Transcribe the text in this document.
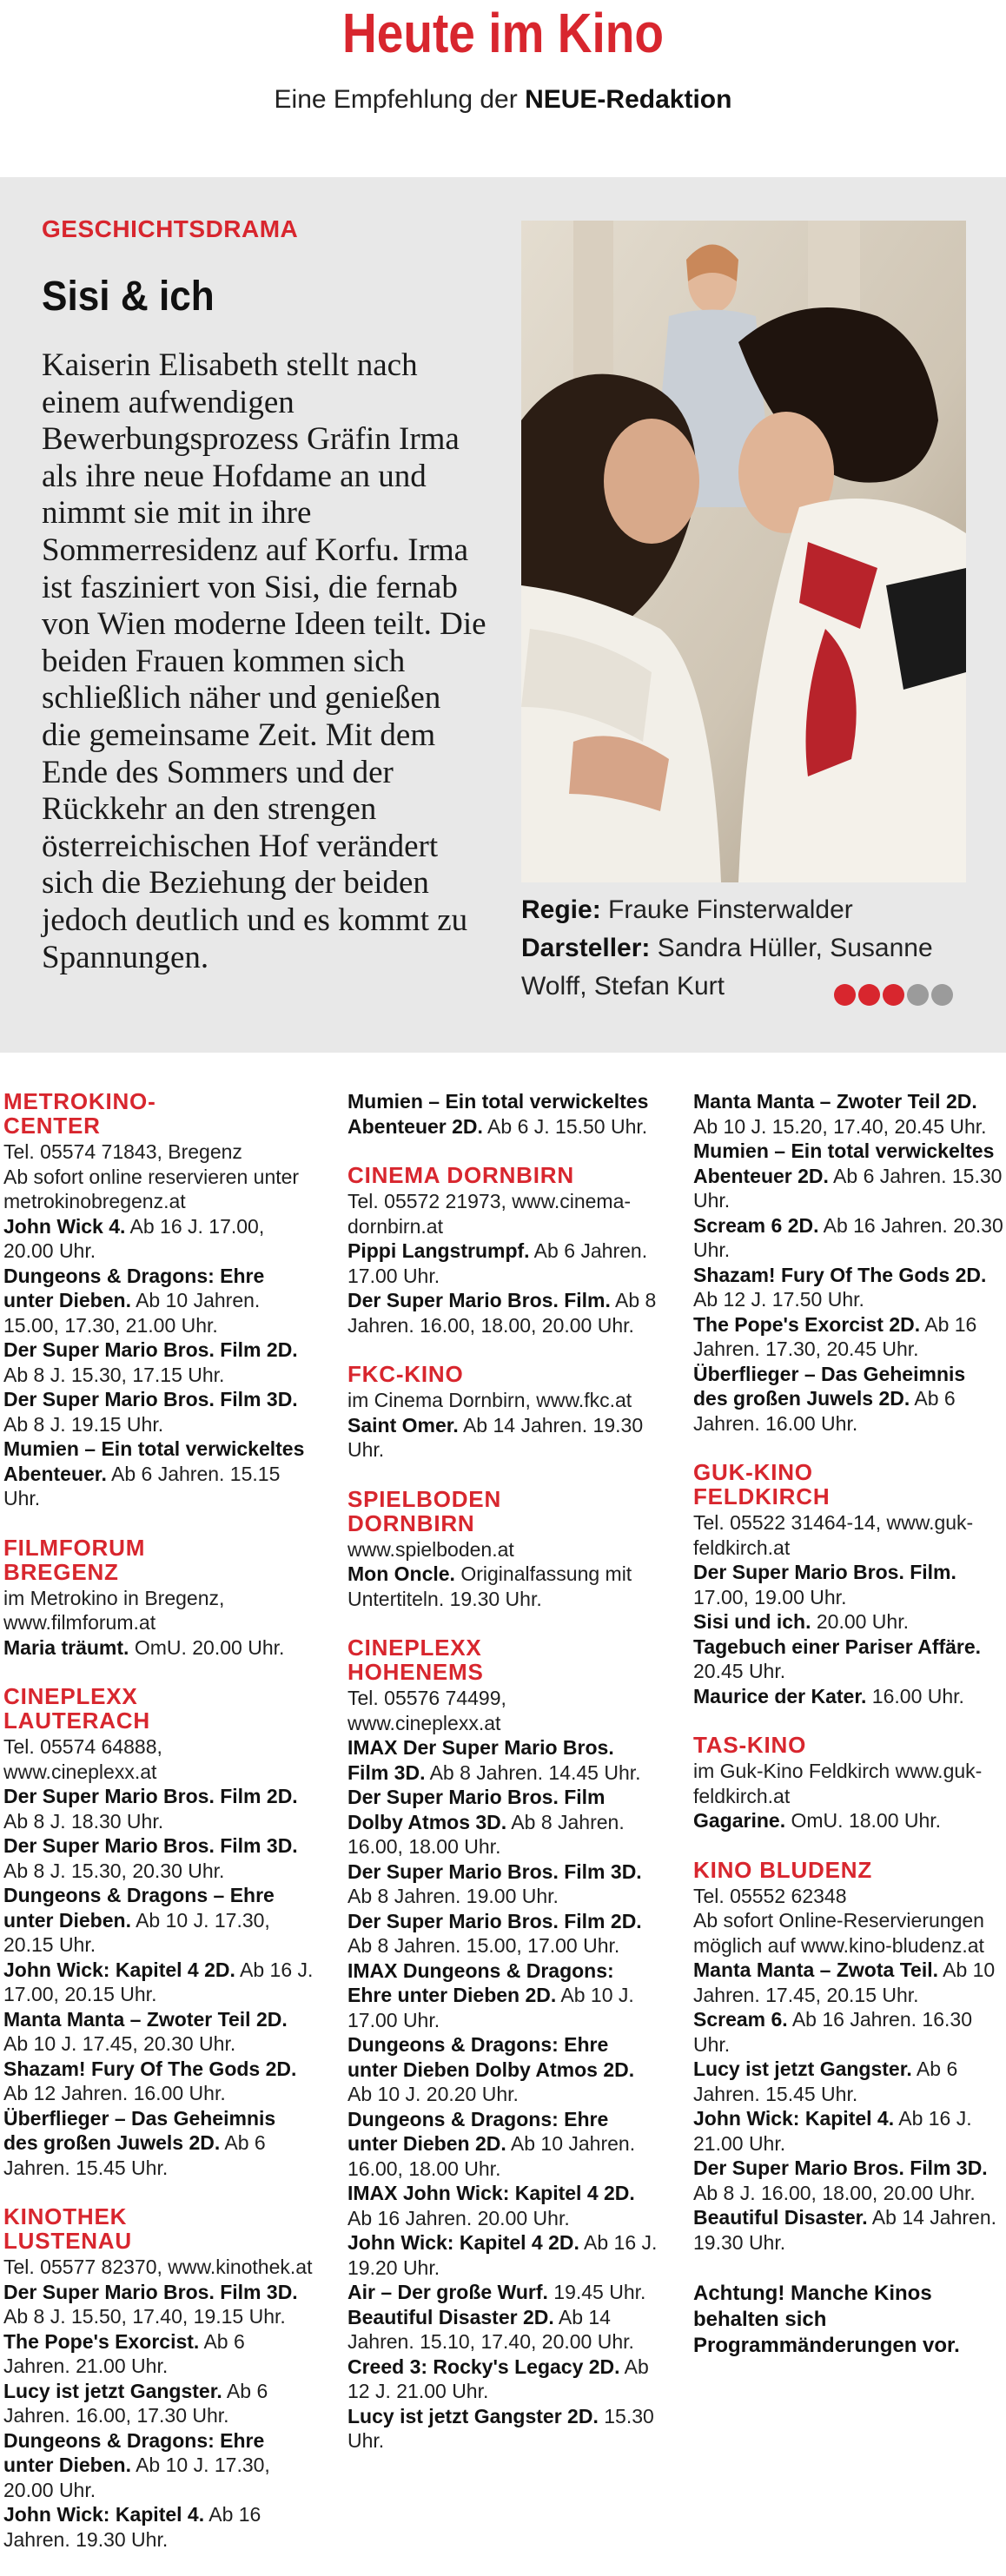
Heute im Kino
Eine Empfehlung der NEUE-Redaktion
GESCHICHTSDRAMA
Sisi & ich

Kaiserin Elisabeth stellt nach einem aufwendigen Bewerbungsprozess Gräfin Irma als ihre neue Hofdame an und nimmt sie mit in ihre Sommerresidenz auf Korfu. Irma ist fasziniert von Sisi, die fernab von Wien moderne Ideen teilt. Die beiden Frauen kommen sich schließlich näher und genießen die gemeinsame Zeit. Mit dem Ende des Sommers und der Rückkehr an den strengen österreichischen Hof verändert sich die Beziehung der beiden jedoch deutlich und es kommt zu Spannungen.

Regie: Frauke Finsterwalder
Darsteller: Sandra Hüller, Susanne Wolff, Stefan Kurt
METROKINO-
CENTER
Tel. 05574 71843, Bregenz
Ab sofort online reservieren unter metrokinobregenz.at
John Wick 4. Ab 16 J. 17.00, 20.00 Uhr.
Dungeons & Dragons: Ehre unter Dieben. Ab 10 Jahren. 15.00, 17.30, 21.00 Uhr.
Der Super Mario Bros. Film 2D. Ab 8 J. 15.30, 17.15 Uhr.
Der Super Mario Bros. Film 3D. Ab 8 J. 19.15 Uhr.
Mumien – Ein total verwickeltes Abenteuer. Ab 6 Jahren. 15.15 Uhr.
FILMFORUM
BREGENZ
im Metrokino in Bregenz, www.filmforum.at
Maria träumt. OmU. 20.00 Uhr.
CINEPLEXX
LAUTERACH
Tel. 05574 64888, www.cineplexx.at
Der Super Mario Bros. Film 2D. Ab 8 J. 18.30 Uhr.
Der Super Mario Bros. Film 3D. Ab 8 J. 15.30, 20.30 Uhr.
Dungeons & Dragons – Ehre unter Dieben. Ab 10 J. 17.30, 20.15 Uhr.
John Wick: Kapitel 4 2D. Ab 16 J. 17.00, 20.15 Uhr.
Manta Manta – Zwoter Teil 2D. Ab 10 J. 17.45, 20.30 Uhr.
Shazam! Fury Of The Gods 2D. Ab 12 Jahren. 16.00 Uhr.
Überflieger – Das Geheimnis des großen Juwels 2D. Ab 6 Jahren. 15.45 Uhr.
KINOTHEK
LUSTENAU
Tel. 05577 82370, www.kinothek.at
Der Super Mario Bros. Film 3D. Ab 8 J. 15.50, 17.40, 19.15 Uhr.
The Pope's Exorcist. Ab 6 Jahren. 21.00 Uhr.
Lucy ist jetzt Gangster. Ab 6 Jahren. 16.00, 17.30 Uhr.
Dungeons & Dragons: Ehre unter Dieben. Ab 10 J. 17.30, 20.00 Uhr.
John Wick: Kapitel 4. Ab 16 Jahren. 19.30 Uhr.
Mumien – Ein total verwickeltes Abenteuer 2D. Ab 6 J. 15.50 Uhr.
CINEMA DORNBIRN
Tel. 05572 21973, www.cinema-dornbirn.at
Pippi Langstrumpf. Ab 6 Jahren. 17.00 Uhr.
Der Super Mario Bros. Film. Ab 8 Jahren. 16.00, 18.00, 20.00 Uhr.
FKC-KINO
im Cinema Dornbirn, www.fkc.at
Saint Omer. Ab 14 Jahren. 19.30 Uhr.
SPIELBODEN
DORNBIRN
www.spielboden.at
Mon Oncle. Originalfassung mit Untertiteln. 19.30 Uhr.
CINEPLEXX
HOHENEMS
Tel. 05576 74499, www.cineplexx.at
IMAX Der Super Mario Bros. Film 3D. Ab 8 Jahren. 14.45 Uhr.
Der Super Mario Bros. Film Dolby Atmos 3D. Ab 8 Jahren. 16.00, 18.00 Uhr.
Der Super Mario Bros. Film 3D. Ab 8 Jahren. 19.00 Uhr.
Der Super Mario Bros. Film 2D. Ab 8 Jahren. 15.00, 17.00 Uhr.
IMAX Dungeons & Dragons: Ehre unter Dieben 2D. Ab 10 J. 17.00 Uhr.
Dungeons & Dragons: Ehre unter Dieben Dolby Atmos 2D. Ab 10 J. 20.20 Uhr.
Dungeons & Dragons: Ehre unter Dieben 2D. Ab 10 Jahren. 16.00, 18.00 Uhr.
IMAX John Wick: Kapitel 4 2D. Ab 16 Jahren. 20.00 Uhr.
John Wick: Kapitel 4 2D. Ab 16 J. 19.20 Uhr.
Air – Der große Wurf. 19.45 Uhr.
Beautiful Disaster 2D. Ab 14 Jahren. 15.10, 17.40, 20.00 Uhr.
Creed 3: Rocky's Legacy 2D. Ab 12 J. 21.00 Uhr.
Lucy ist jetzt Gangster 2D. 15.30 Uhr.
Manta Manta – Zwoter Teil 2D. Ab 10 J. 15.20, 17.40, 20.45 Uhr.
Mumien – Ein total verwickeltes Abenteuer 2D. Ab 6 Jahren. 15.30 Uhr.
Scream 6 2D. Ab 16 Jahren. 20.30 Uhr.
Shazam! Fury Of The Gods 2D. Ab 12 J. 17.50 Uhr.
The Pope's Exorcist 2D. Ab 16 Jahren. 17.30, 20.45 Uhr.
Überflieger – Das Geheimnis des großen Juwels 2D. Ab 6 Jahren. 16.00 Uhr.
GUK-KINO
FELDKIRCH
Tel. 05522 31464-14, www.guk-feldkirch.at
Der Super Mario Bros. Film. 17.00, 19.00 Uhr.
Sisi und ich. 20.00 Uhr.
Tagebuch einer Pariser Affäre. 20.45 Uhr.
Maurice der Kater. 16.00 Uhr.
TAS-KINO
im Guk-Kino Feldkirch www.guk-feldkirch.at
Gagarine. OmU. 18.00 Uhr.
KINO BLUDENZ
Tel. 05552 62348
Ab sofort Online-Reservierungen möglich auf www.kino-bludenz.at
Manta Manta – Zwota Teil. Ab 10 Jahren. 17.45, 20.15 Uhr.
Scream 6. Ab 16 Jahren. 16.30 Uhr.
Lucy ist jetzt Gangster. Ab 6 Jahren. 15.45 Uhr.
John Wick: Kapitel 4. Ab 16 J. 21.00 Uhr.
Der Super Mario Bros. Film 3D. Ab 8 J. 16.00, 18.00, 20.00 Uhr.
Beautiful Disaster. Ab 14 Jahren. 19.30 Uhr.
Achtung! Manche Kinos behalten sich Programmänderungen vor.
